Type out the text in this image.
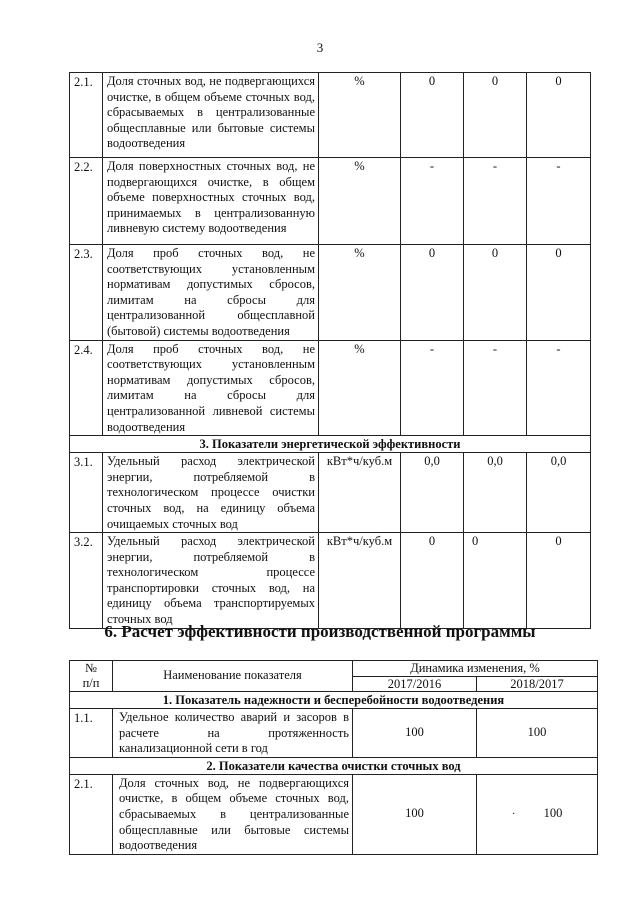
3
2.1.	Доля сточных вод, не подвергающихся очистке, в общем объеме сточных вод, сбрасываемых в централизованные общесплавные или бытовые системы водоотведения	%	0	0	0
2.2.	Доля поверхностных сточных вод, не подвергающихся очистке, в общем объеме поверхностных сточных вод, принимаемых в централизованную ливневую систему водоотведения	%	-	-	-
2.3.	Доля проб сточных вод, не соответствующих установленным нормативам допустимых сбросов, лимитам на сбросы для централизованной общесплавной (бытовой) системы водоотведения	%	0	0	0
2.4.	Доля проб сточных вод, не соответствующих установленным нормативам допустимых сбросов, лимитам на сбросы для централизованной ливневой системы водоотведения	%	-	-	-
3. Показатели энергетической эффективности					
3.1.	Удельный расход электрической энергии, потребляемой в технологическом процессе очистки сточных вод, на единицу объема очищаемых сточных вод	кВт*ч/куб.м	0,0	0,0	0,0
3.2.	Удельный расход электрической энергии, потребляемой в технологическом процессе транспортировки сточных вод, на единицу объема транспортируемых сточных вод	кВт*ч/куб.м	0	0	0
6. Расчет эффективности производственной программы
№
п/п	Наименование показателя	Динамика изменения, %	
		2017/2016	2018/2017
1. Показатель надежности и бесперебойности водоотведения			
1.1.	Удельное количество аварий и засоров в расчете на протяженность канализационной сети в год	100	100
2. Показатели качества очистки сточных вод			
2.1.	Доля сточных вод, не подвергающихся очистке, в общем объеме сточных вод, сбрасываемых в централизованные общесплавные или бытовые системы водоотведения	100	· 100
